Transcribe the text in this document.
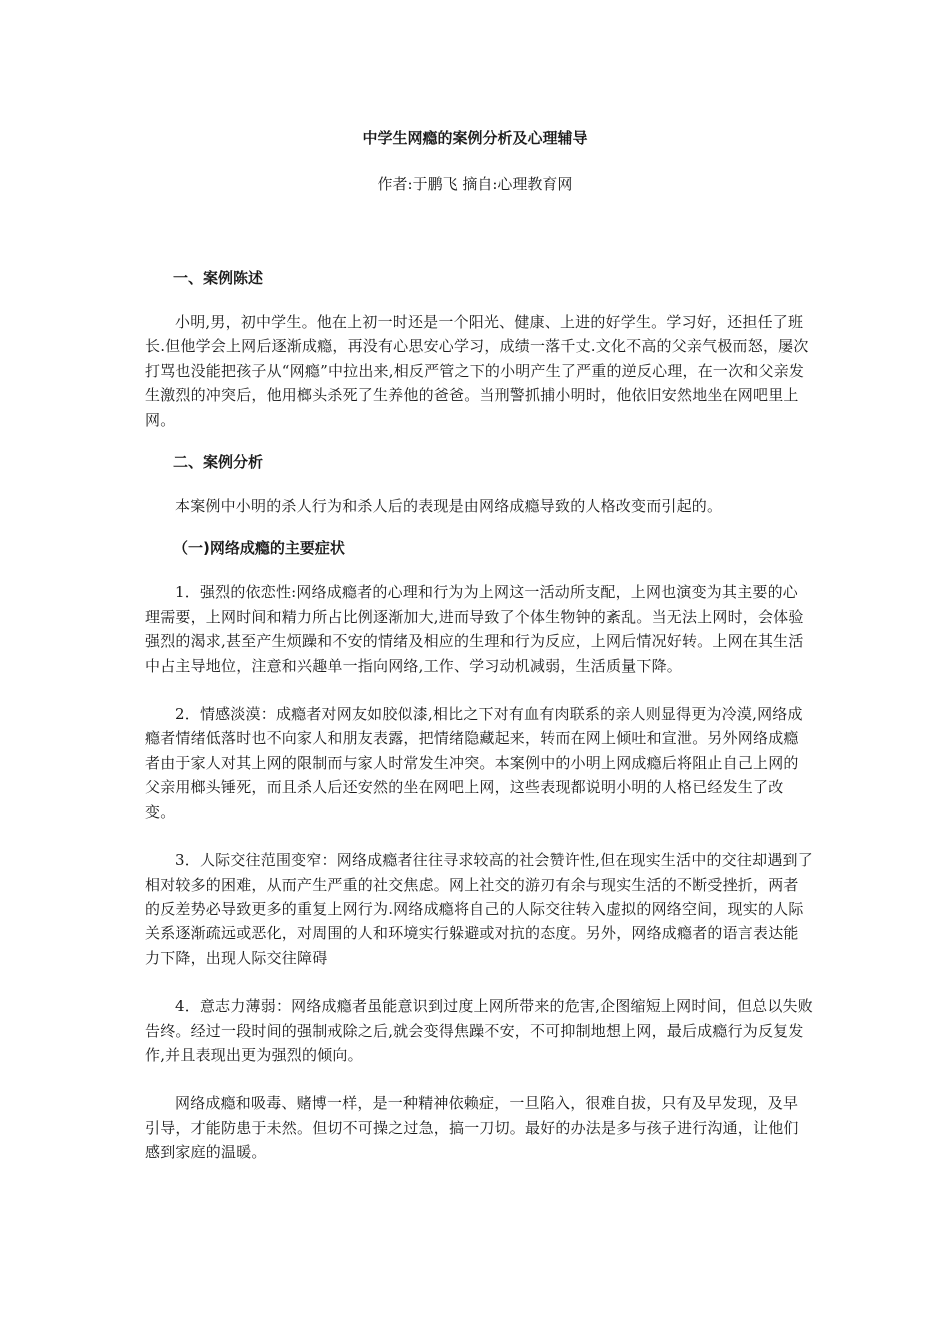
中学生网瘾的案例分析及心理辅导
作者:于鹏飞 摘自:心理教育网

一、案例陈述

小明,男，初中学生。他在上初一时还是一个阳光、健康、上进的好学生。学习好，还担任了班长.但他学会上网后逐渐成瘾，再没有心思安心学习，成绩一落千丈.文化不高的父亲气极而怒，屡次打骂也没能把孩子从“网瘾”中拉出来,相反严管之下的小明产生了严重的逆反心理，在一次和父亲发生激烈的冲突后，他用榔头杀死了生养他的爸爸。当刑警抓捕小明时，他依旧安然地坐在网吧里上网。

二、案例分析

本案例中小明的杀人行为和杀人后的表现是由网络成瘾导致的人格改变而引起的。

（一)网络成瘾的主要症状

1．强烈的依恋性:网络成瘾者的心理和行为为上网这一活动所支配，上网也演变为其主要的心理需要，上网时间和精力所占比例逐渐加大,进而导致了个体生物钟的紊乱。当无法上网时，会体验强烈的渴求,甚至产生烦躁和不安的情绪及相应的生理和行为反应，上网后情况好转。上网在其生活中占主导地位，注意和兴趣单一指向网络,工作、学习动机减弱，生活质量下降。

2．情感淡漠：成瘾者对网友如胶似漆,相比之下对有血有肉联系的亲人则显得更为冷漠,网络成瘾者情绪低落时也不向家人和朋友表露，把情绪隐藏起来，转而在网上倾吐和宣泄。另外网络成瘾者由于家人对其上网的限制而与家人时常发生冲突。本案例中的小明上网成瘾后将阻止自己上网的父亲用榔头锤死，而且杀人后还安然的坐在网吧上网，这些表现都说明小明的人格已经发生了改变。

3．人际交往范围变窄：网络成瘾者往往寻求较高的社会赞许性,但在现实生活中的交往却遇到了相对较多的困难，从而产生严重的社交焦虑。网上社交的游刃有余与现实生活的不断受挫折，两者的反差势必导致更多的重复上网行为.网络成瘾将自己的人际交往转入虚拟的网络空间，现实的人际关系逐渐疏远或恶化，对周围的人和环境实行躲避或对抗的态度。另外，网络成瘾者的语言表达能力下降，出现人际交往障碍

4．意志力薄弱：网络成瘾者虽能意识到过度上网所带来的危害,企图缩短上网时间，但总以失败告终。经过一段时间的强制戒除之后,就会变得焦躁不安，不可抑制地想上网，最后成瘾行为反复发作,并且表现出更为强烈的倾向。

网络成瘾和吸毒、赌博一样，是一种精神依赖症，一旦陷入，很难自拔，只有及早发现，及早引导，才能防患于未然。但切不可操之过急，搞一刀切。最好的办法是多与孩子进行沟通，让他们感到家庭的温暖。
